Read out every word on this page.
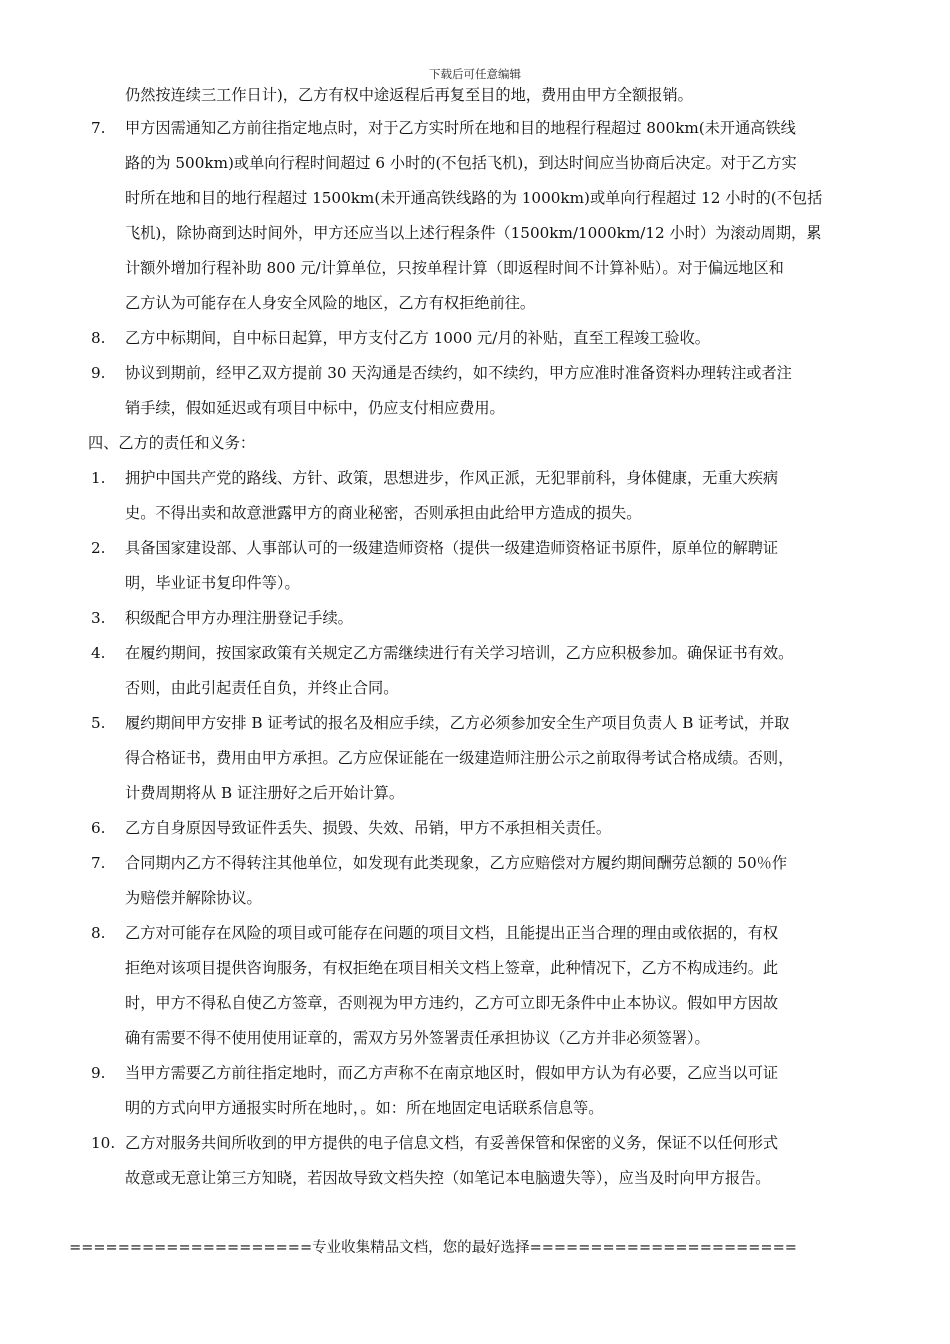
下载后可任意编辑
仍然按连续三工作日计)，乙方有权中途返程后再复至目的地，费用由甲方全额报销。
7. 甲方因需通知乙方前往指定地点时，对于乙方实时所在地和目的地程行程超过 800km(未开通高铁线
路的为 500km)或单向行程时间超过 6 小时的(不包括飞机)，到达时间应当协商后决定。对于乙方实
时所在地和目的地行程超过 1500km(未开通高铁线路的为 1000km)或单向行程超过 12 小时的(不包括
飞机)，除协商到达时间外，甲方还应当以上述行程条件（1500km/1000km/12 小时）为滚动周期，累
计额外增加行程补助 800 元/计算单位，只按单程计算（即返程时间不计算补贴）。对于偏远地区和
乙方认为可能存在人身安全风险的地区，乙方有权拒绝前往。
8. 乙方中标期间，自中标日起算，甲方支付乙方 1000 元/月的补贴，直至工程竣工验收。
9. 协议到期前，经甲乙双方提前 30 天沟通是否续约，如不续约，甲方应准时准备资料办理转注或者注
销手续，假如延迟或有项目中标中，仍应支付相应费用。
四、乙方的责任和义务：
1. 拥护中国共产党的路线、方针、政策，思想进步，作风正派，无犯罪前科，身体健康，无重大疾病
史。不得出卖和故意泄露甲方的商业秘密，否则承担由此给甲方造成的损失。
2. 具备国家建设部、人事部认可的一级建造师资格（提供一级建造师资格证书原件，原单位的解聘证
明，毕业证书复印件等）。
3. 积级配合甲方办理注册登记手续。
4. 在履约期间，按国家政策有关规定乙方需继续进行有关学习培训，乙方应积极参加。确保证书有效。
否则，由此引起责任自负，并终止合同。
5. 履约期间甲方安排 B 证考试的报名及相应手续，乙方必须参加安全生产项目负责人 B 证考试，并取
得合格证书，费用由甲方承担。乙方应保证能在一级建造师注册公示之前取得考试合格成绩。否则，
计费周期将从 B 证注册好之后开始计算。
6. 乙方自身原因导致证件丢失、损毁、失效、吊销，甲方不承担相关责任。
7. 合同期内乙方不得转注其他单位，如发现有此类现象，乙方应赔偿对方履约期间酬劳总额的 50％作
为赔偿并解除协议。
8. 乙方对可能存在风险的项目或可能存在问题的项目文档，且能提出正当合理的理由或依据的，有权
拒绝对该项目提供咨询服务，有权拒绝在项目相关文档上签章，此种情况下，乙方不构成违约。此
时，甲方不得私自使乙方签章，否则视为甲方违约，乙方可立即无条件中止本协议。假如甲方因故
确有需要不得不使用使用证章的，需双方另外签署责任承担协议（乙方并非必须签署）。
9. 当甲方需要乙方前往指定地时，而乙方声称不在南京地区时，假如甲方认为有必要，乙应当以可证
明的方式向甲方通报实时所在地时，。如：所在地固定电话联系信息等。
10. 乙方对服务共间所收到的甲方提供的电子信息文档，有妥善保管和保密的义务，保证不以任何形式
故意或无意让第三方知晓，若因故导致文档失控（如笔记本电脑遗失等），应当及时向甲方报告。
====================专业收集精品文档，您的最好选择======================
